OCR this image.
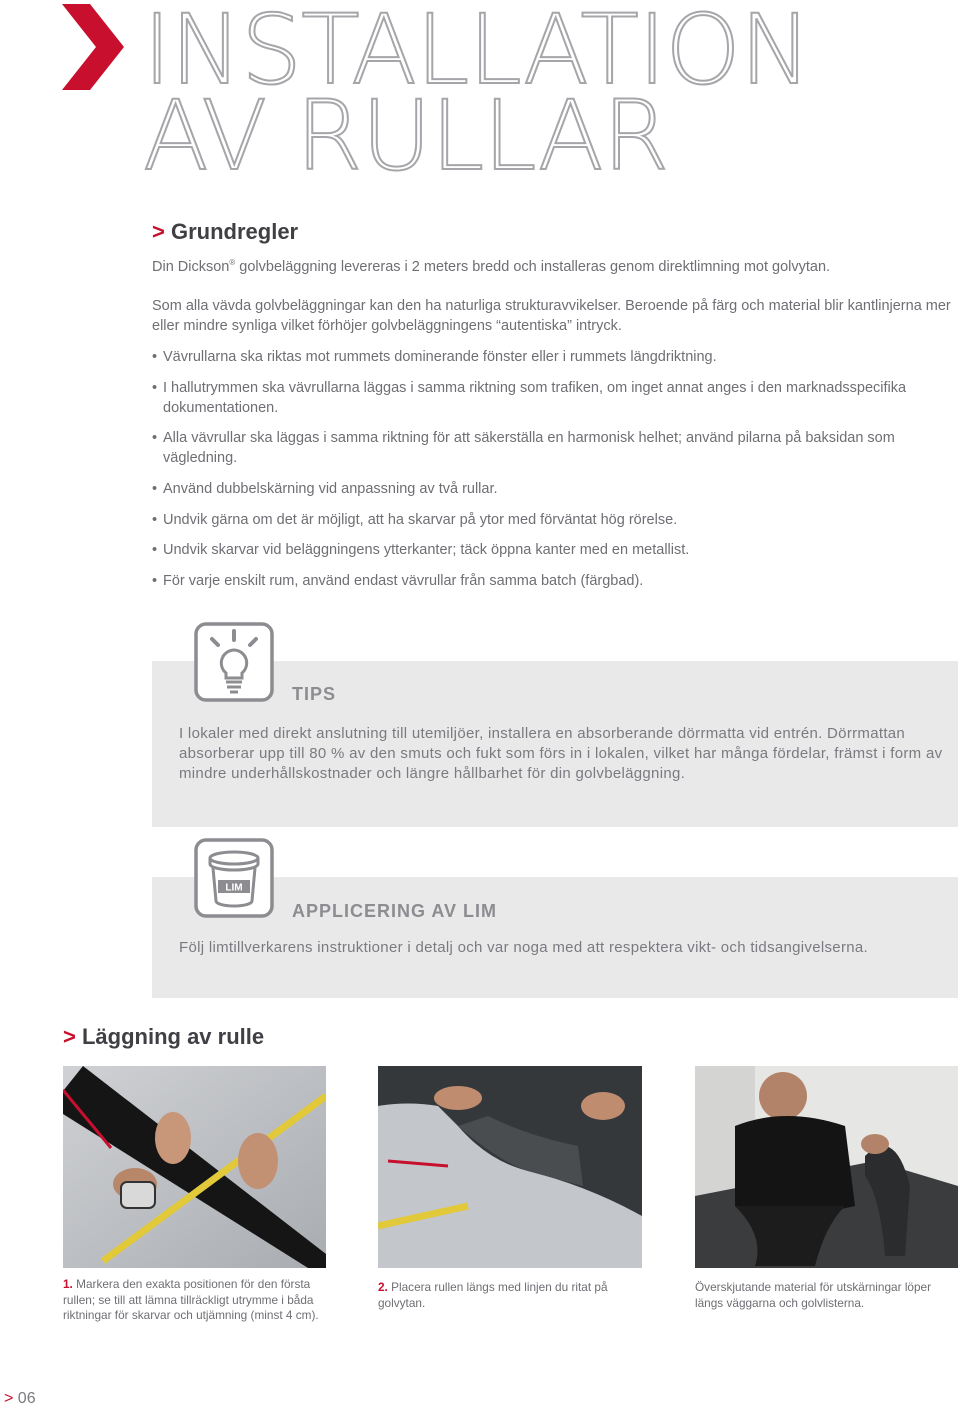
INSTALLATION
AV RULLAR
> Grundregler

Din Dickson® golvbeläggning levereras i 2 meters bredd och installeras genom direktlimning mot golvytan.

Som alla vävda golvbeläggningar kan den ha naturliga strukturavvikelser. Beroende på färg och material blir kantlinjerna mer eller mindre synliga vilket förhöjer golvbeläggningens “autentiska” intryck.

• Vävrullarna ska riktas mot rummets dominerande fönster eller i rummets längdriktning.
• I hallutrymmen ska vävrullarna läggas i samma riktning som trafiken, om inget annat anges i den marknadsspecifika dokumentationen.
• Alla vävrullar ska läggas i samma riktning för att säkerställa en harmonisk helhet; använd pilarna på baksidan som vägledning.
• Använd dubbelskärning vid anpassning av två rullar.
• Undvik gärna om det är möjligt, att ha skarvar på ytor med förväntat hög rörelse.
• Undvik skarvar vid beläggningens ytterkanter; täck öppna kanter med en metallist.
• För varje enskilt rum, använd endast vävrullar från samma batch (färgbad).
TIPS

I lokaler med direkt anslutning till utemiljöer, installera en absorberande dörrmatta vid entrén. Dörrmattan absorberar upp till 80 % av den smuts och fukt som förs in i lokalen, vilket har många fördelar, främst i form av mindre underhållskostnader och längre hållbarhet för din golvbeläggning.

APPLICERING AV LIM

Följ limtillverkarens instruktioner i detalj och var noga med att respektera vikt- och tidsangivelserna.

LIM
> Läggning av rulle

1. Markera den exakta positionen för den första rullen; se till att lämna tillräckligt utrymme i båda riktningar för skarvar och utjämning (minst 4 cm).

2. Placera rullen längs med linjen du ritat på golvytan.

Överskjutande material för utskärningar löper längs väggarna och golvlisterna.

> 06
